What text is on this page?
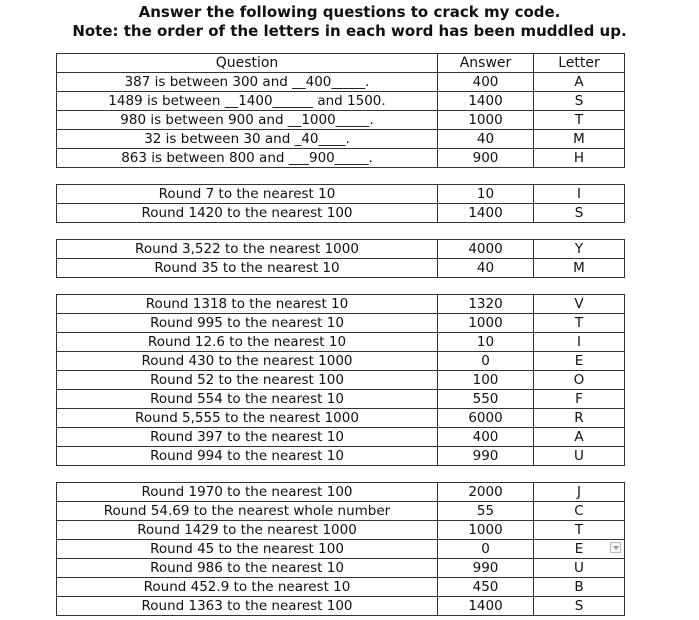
Answer the following questions to crack my code.
Note: the order of the letters in each word has been muddled up.
Question	Answer	Letter
387 is between 300 and __400_____.	400	A
1489 is between __1400______ and 1500.	1400	S
980 is between 900 and __1000_____.	1000	T
32 is between 30 and _40____.	40	M
863 is between 800 and ___900_____.	900	H
Round 7 to the nearest 10	10	I
Round 1420 to the nearest 100	1400	S
Round 3,522 to the nearest 1000	4000	Y
Round 35 to the nearest 10	40	M
Round 1318 to the nearest 10	1320	V
Round 995 to the nearest 10	1000	T
Round 12.6 to the nearest 10	10	I
Round 430 to the nearest 1000	0	E
Round 52 to the nearest 100	100	O
Round 554 to the nearest 10	550	F
Round 5,555 to the nearest 1000	6000	R
Round 397 to the nearest 10	400	A
Round 994 to the nearest 10	990	U
Round 1970 to the nearest 100	2000	J
Round 54.69 to the nearest whole number	55	C
Round 1429 to the nearest 1000	1000	T
Round 45 to the nearest 100	0	E
Round 986 to the nearest 10	990	U
Round 452.9 to the nearest 10	450	B
Round 1363 to the nearest 100	1400	S
